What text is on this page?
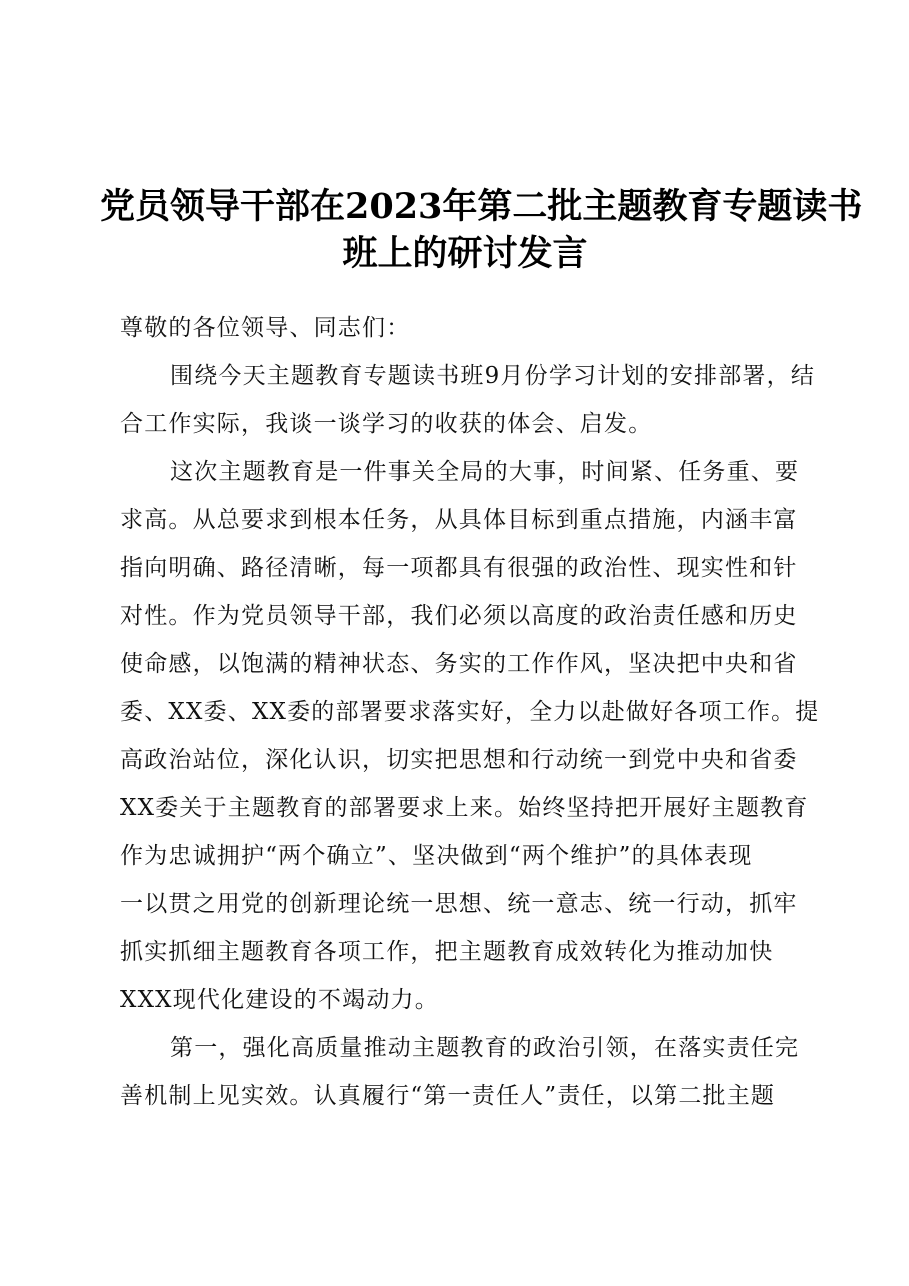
党员领导干部在2023年第二批主题教育专题读书
班上的研讨发言

尊敬的各位领导、同志们：

围绕今天主题教育专题读书班9月份学习计划的安排部署，结

合工作实际，我谈一谈学习的收获的体会、启发。

这次主题教育是一件事关全局的大事，时间紧、任务重、要

求高。从总要求到根本任务，从具体目标到重点措施，内涵丰富

指向明确、路径清晰，每一项都具有很强的政治性、现实性和针

对性。作为党员领导干部，我们必须以高度的政治责任感和历史

使命感，以饱满的精神状态、务实的工作作风，坚决把中央和省

委、XX委、XX委的部署要求落实好，全力以赴做好各项工作。提

高政治站位，深化认识，切实把思想和行动统一到党中央和省委

XX委关于主题教育的部署要求上来。始终坚持把开展好主题教育

作为忠诚拥护“两个确立”、坚决做到“两个维护”的具体表现

一以贯之用党的创新理论统一思想、统一意志、统一行动，抓牢

抓实抓细主题教育各项工作，把主题教育成效转化为推动加快

XXX现代化建设的不竭动力。

第一，强化高质量推动主题教育的政治引领，在落实责任完

善机制上见实效。认真履行“第一责任人”责任，以第二批主题
